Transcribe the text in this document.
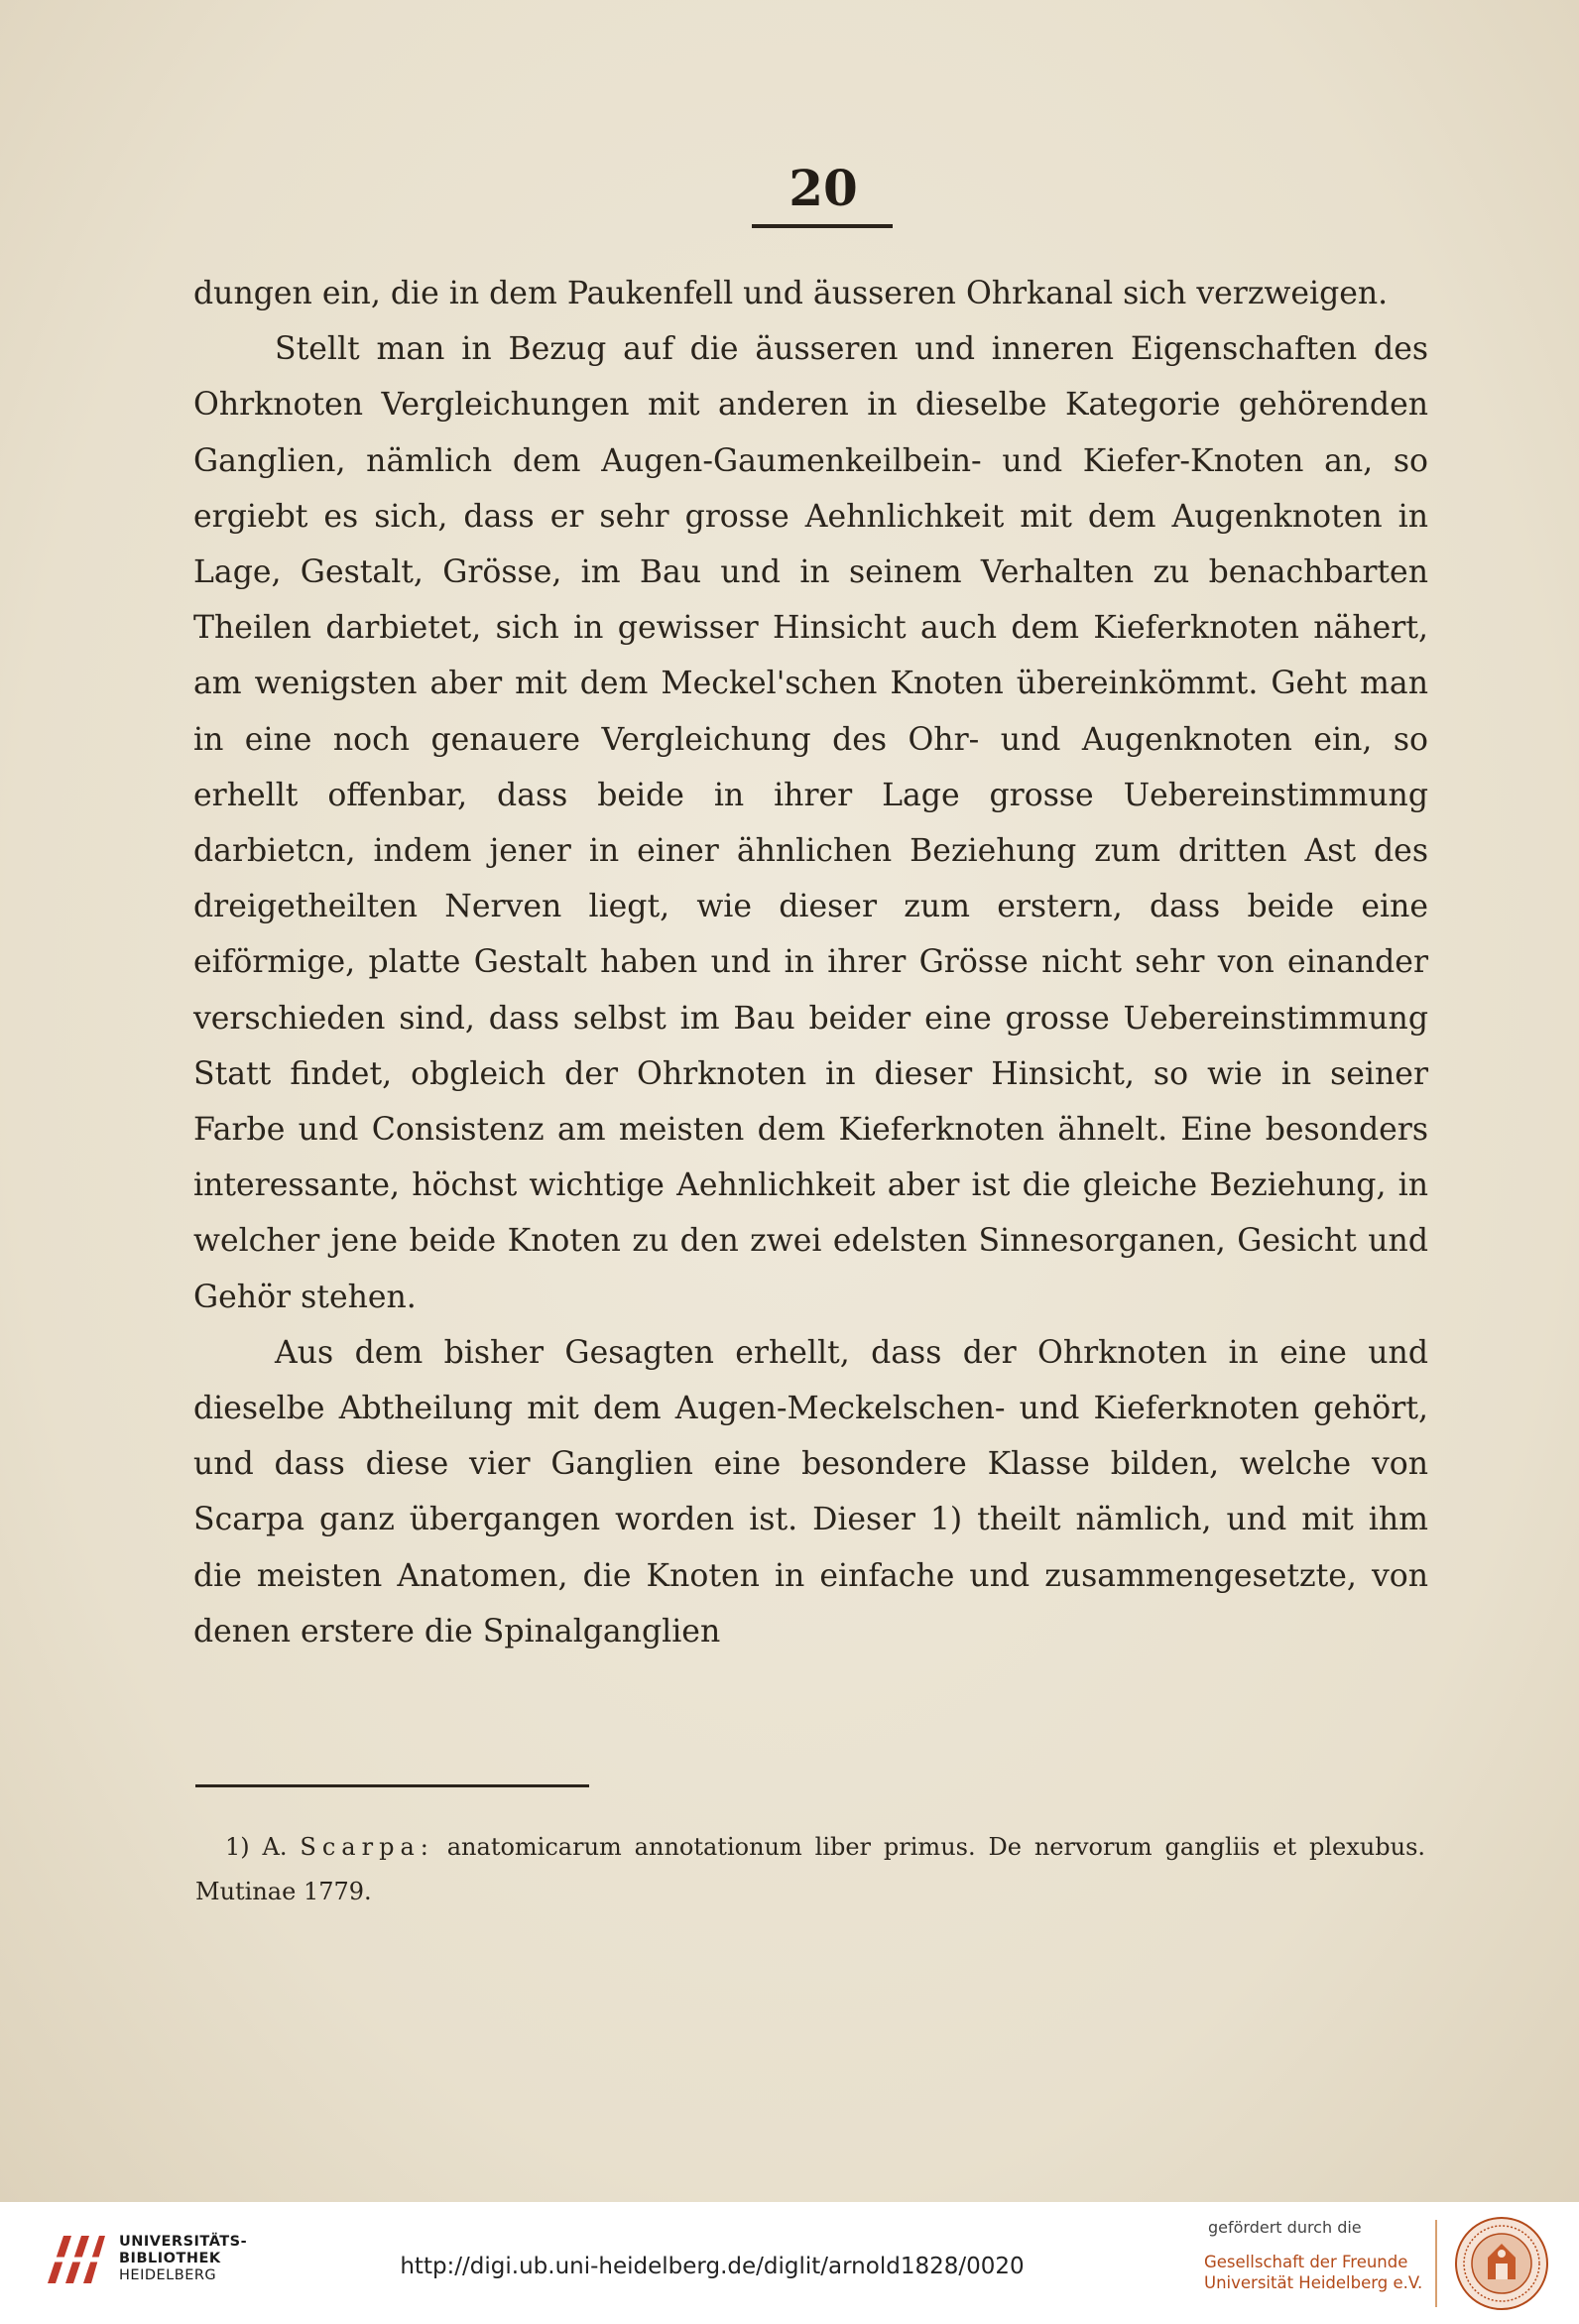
20

dungen ein, die in dem Paukenfell und äusseren Ohrkanal sich verzweigen.

Stellt man in Bezug auf die äusseren und inneren Eigenschaften des Ohrknoten Vergleichungen mit anderen in dieselbe Kategorie gehörenden Ganglien, nämlich dem Augen-Gaumenkeilbein- und Kiefer-Knoten an, so ergiebt es sich, dass er sehr grosse Aehnlichkeit mit dem Augenknoten in Lage, Gestalt, Grösse, im Bau und in seinem Verhalten zu benachbarten Theilen darbietet, sich in gewisser Hinsicht auch dem Kieferknoten nähert, am wenigsten aber mit dem Meckel'schen Knoten übereinkömmt. Geht man in eine noch genauere Vergleichung des Ohr- und Augenknoten ein, so erhellt offenbar, dass beide in ihrer Lage grosse Uebereinstimmung darbietcn, indem jener in einer ähnlichen Beziehung zum dritten Ast des dreigetheilten Nerven liegt, wie dieser zum erstern, dass beide eine eiförmige, platte Gestalt haben und in ihrer Grösse nicht sehr von einander verschieden sind, dass selbst im Bau beider eine grosse Uebereinstimmung Statt findet, obgleich der Ohrknoten in dieser Hinsicht, so wie in seiner Farbe und Consistenz am meisten dem Kieferknoten ähnelt. Eine besonders interessante, höchst wichtige Aehnlichkeit aber ist die gleiche Beziehung, in welcher jene beide Knoten zu den zwei edelsten Sinnesorganen, Gesicht und Gehör stehen.

Aus dem bisher Gesagten erhellt, dass der Ohrknoten in eine und dieselbe Abtheilung mit dem Augen-Meckelschen- und Kieferknoten gehört, und dass diese vier Ganglien eine besondere Klasse bilden, welche von Scarpa ganz übergangen worden ist. Dieser 1) theilt nämlich, und mit ihm die meisten Anatomen, die Knoten in einfache und zusammengesetzte, von denen erstere die Spinalganglien

1) A. Scarpa: anatomicarum annotationum liber primus. De nervorum gangliis et plexubus. Mutinae 1779.

UNIVERSITÄTS-
BIBLIOTHEK
HEIDELBERG	http://digi.ub.uni-heidelberg.de/diglit/arnold1828/0020
gefördert durch die
Gesellschaft der Freunde
Universität Heidelberg e.V.
